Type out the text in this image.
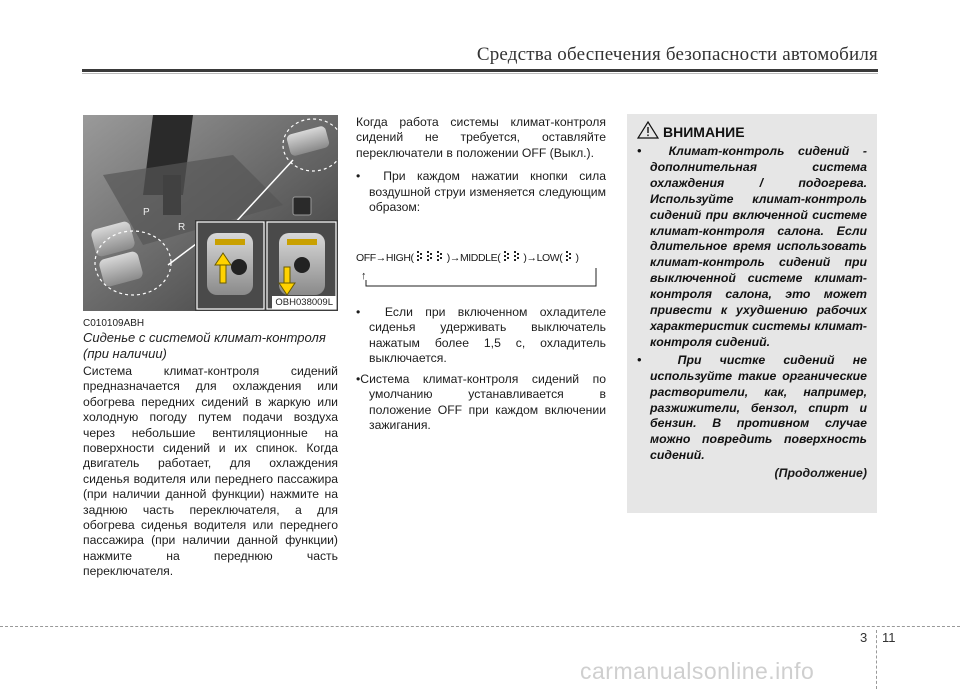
Средства обеспечения безопасности автомобиля
P
R
OBH038009L
C010109ABH
Сиденье с системой климат-контроля (при наличии)
Система климат-контроля сидений предназначается для охлаждения или обогрева передних сидений в жаркую или холодную погоду путем подачи воздуха через небольшие вентиляционные на поверхности сидений и их спинок. Когда двигатель работает, для охлаждения сиденья водителя или переднего пассажира (при наличии данной функции) нажмите на заднюю часть переключателя, а для обогрева сиденья водителя или переднего пассажира (при наличии данной функции) нажмите на переднюю часть переключателя.

Когда работа системы климат-контроля сидений не требуется, оставляйте переключатели в положении OFF (Выкл.).

• При каждом нажатии кнопки сила воздушной струи изменяется следующим образом:

OFF→HIGH(	)→MIDDLE( )→LOW( )
↑

• Если при включенном охладителе сиденья удерживать выключатель нажатым более 1,5 с, охладитель выключается.

•Система климат-контроля сидений по умолчанию устанавливается в положение OFF при каждом включении зажигания.

ВНИМАНИЕ
• Климат-контроль сидений - дополнительная система охлаждения / подогрева. Используйте климат-контроль сидений при включенной системе климат-контроля салона. Если длительное время использовать климат-контроль сидений при выключенной системе климат-контроля салона, это может привести к ухудшению рабочих характеристик системы климат-контроля сидений.
•	При чистке сидений не используйте такие органические растворители, как, например, разжижители, бензол, спирт и бензин. В противном случае можно повредить поверхность сидений.
(Продолжение)
3 11
carmanualsonline.info
